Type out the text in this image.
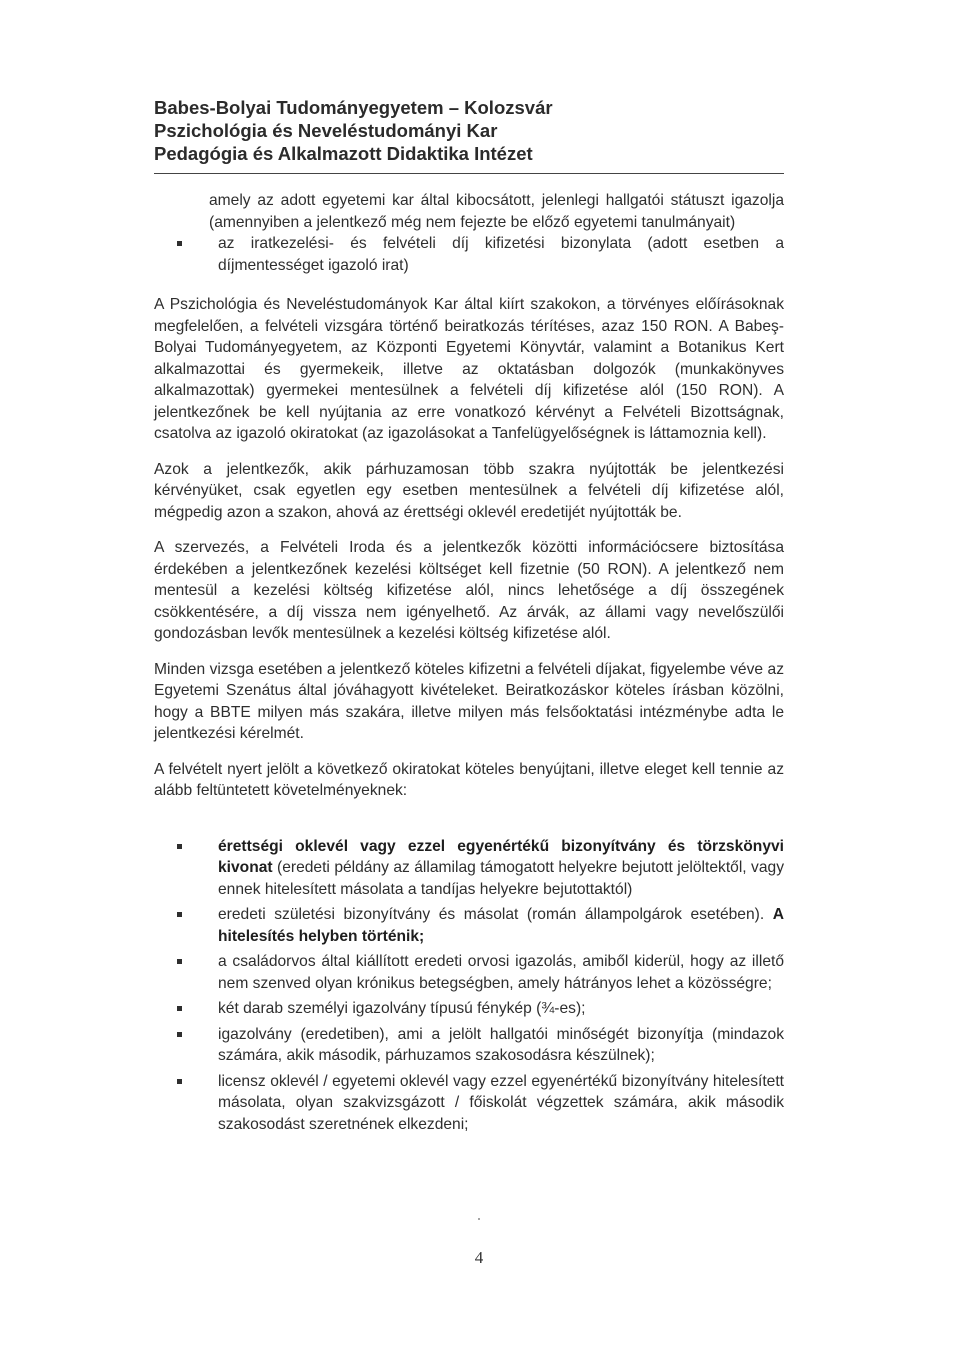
Babes-Bolyai Tudományegyetem – Kolozsvár
Pszichológia és Neveléstudományi Kar
Pedagógia és Alkalmazott Didaktika Intézet

amely az adott egyetemi kar által kibocsátott, jelenlegi hallgatói státuszt igazolja (amennyiben a jelentkező még nem fejezte be előző egyetemi tanulmányait)

az iratkezelési- és felvételi díj kifizetési bizonylata (adott esetben a díjmentességet igazoló irat)

A Pszichológia és Neveléstudományok Kar által kiírt szakokon, a törvényes előírásoknak megfelelően, a felvételi vizsgára történő beiratkozás térítéses, azaz 150 RON. A Babeş-Bolyai Tudományegyetem, az Központi Egyetemi Könyvtár, valamint a Botanikus Kert alkalmazottai és gyermekeik, illetve az oktatásban dolgozók (munkakönyves alkalmazottak) gyermekei mentesülnek a felvételi díj kifizetése alól (150 RON). A jelentkezőnek be kell nyújtania az erre vonatkozó kérvényt a Felvételi Bizottságnak, csatolva az igazoló okiratokat (az igazolásokat a Tanfelügyelőségnek is láttamoznia kell).

Azok a jelentkezők, akik párhuzamosan több szakra nyújtották be jelentkezési kérvényüket, csak egyetlen egy esetben mentesülnek a felvételi díj kifizetése alól, mégpedig azon a szakon, ahová az érettségi oklevél eredetijét nyújtották be.

A szervezés, a Felvételi Iroda és a jelentkezők közötti információcsere biztosítása érdekében a jelentkezőnek kezelési költséget kell fizetnie (50 RON). A jelentkező nem mentesül a kezelési költség kifizetése alól, nincs lehetősége a díj összegének csökkentésére, a díj vissza nem igényelhető. Az árvák, az állami vagy nevelőszülői gondozásban levők mentesülnek a kezelési költség kifizetése alól.

Minden vizsga esetében a jelentkező köteles kifizetni a felvételi díjakat, figyelembe véve az Egyetemi Szenátus által jóváhagyott kivételeket. Beiratkozáskor köteles írásban közölni, hogy a BBTE milyen más szakára, illetve milyen más felsőoktatási intézménybe adta le jelentkezési kérelmét.

A felvételt nyert jelölt a következő okiratokat köteles benyújtani, illetve eleget kell tennie az alább feltüntetett követelményeknek:

érettségi oklevél vagy ezzel egyenértékű bizonyítvány és törzskönyvi kivonat (eredeti példány az államilag támogatott helyekre bejutott jelöltektől, vagy ennek hitelesített másolata a tandíjas helyekre bejutottaktól)
eredeti születési bizonyítvány és másolat (román állampolgárok esetében). A hitelesítés helyben történik;
a családorvos által kiállított eredeti orvosi igazolás, amiből kiderül, hogy az illető nem szenved olyan krónikus betegségben, amely hátrányos lehet a közösségre;
két darab személyi igazolvány típusú fénykép (¾-es);
igazolvány (eredetiben), ami a jelölt hallgatói minőségét bizonyítja (mindazok számára, akik második, párhuzamos szakosodásra készülnek);
licensz oklevél / egyetemi oklevél vagy ezzel egyenértékű bizonyítvány hitelesített másolata, olyan szakvizsgázott / főiskolát végzettek számára, akik második szakosodást szeretnének elkezdeni;
4
